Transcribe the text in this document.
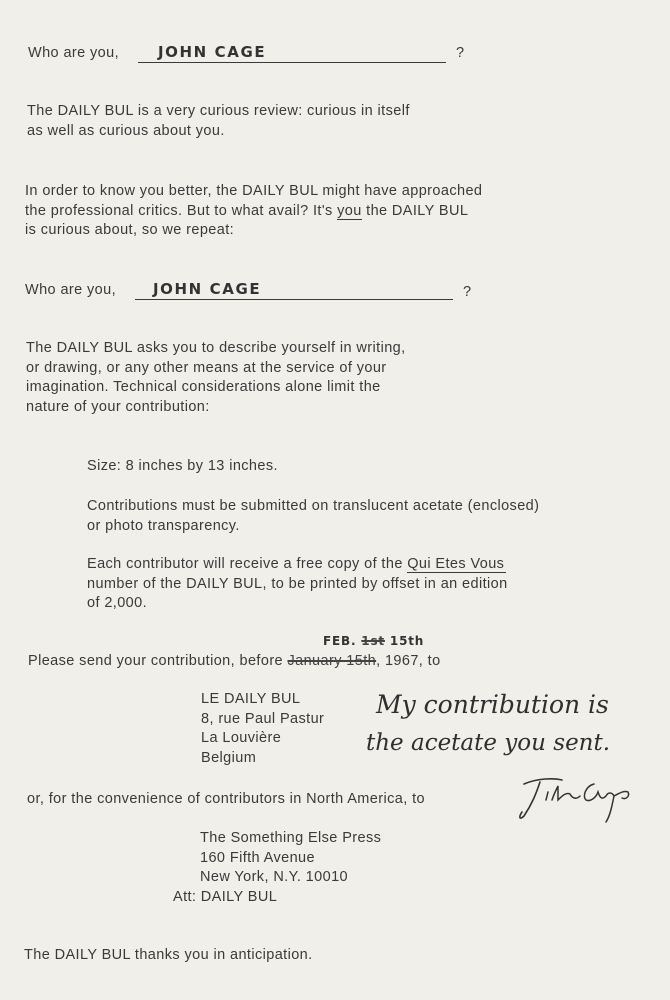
Who are you,	JOHN CAGE	?
The DAILY BUL is a very curious review: curious in itself
as well as curious about you.
In order to know you better, the DAILY BUL might have approached
the professional critics. But to what avail? It's you the DAILY BUL
is curious about, so we repeat:
Who are you, JOHN CAGE	?
The DAILY BUL asks you to describe yourself in writing,
or drawing, or any other means at the service of your
imagination. Technical considerations alone limit the
nature of your contribution:
Size: 8 inches by 13 inches.
Contributions must be submitted on translucent acetate (enclosed)
or photo transparency.
Each contributor will receive a free copy of the Qui Etes Vous
number of the DAILY BUL, to be printed by offset in an edition
of 2,000.
FEB. 1st 15th
Please send your contribution, before January 15th, 1967, to
LE DAILY BUL
8, rue Paul Pastur
La Louvière
Belgium
My contribution is
the acetate you sent.
or, for the convenience of contributors in North America, to
The Something Else Press
160 Fifth Avenue
New York, N.Y. 10010
Att: DAILY BUL
The DAILY BUL thanks you in anticipation.
